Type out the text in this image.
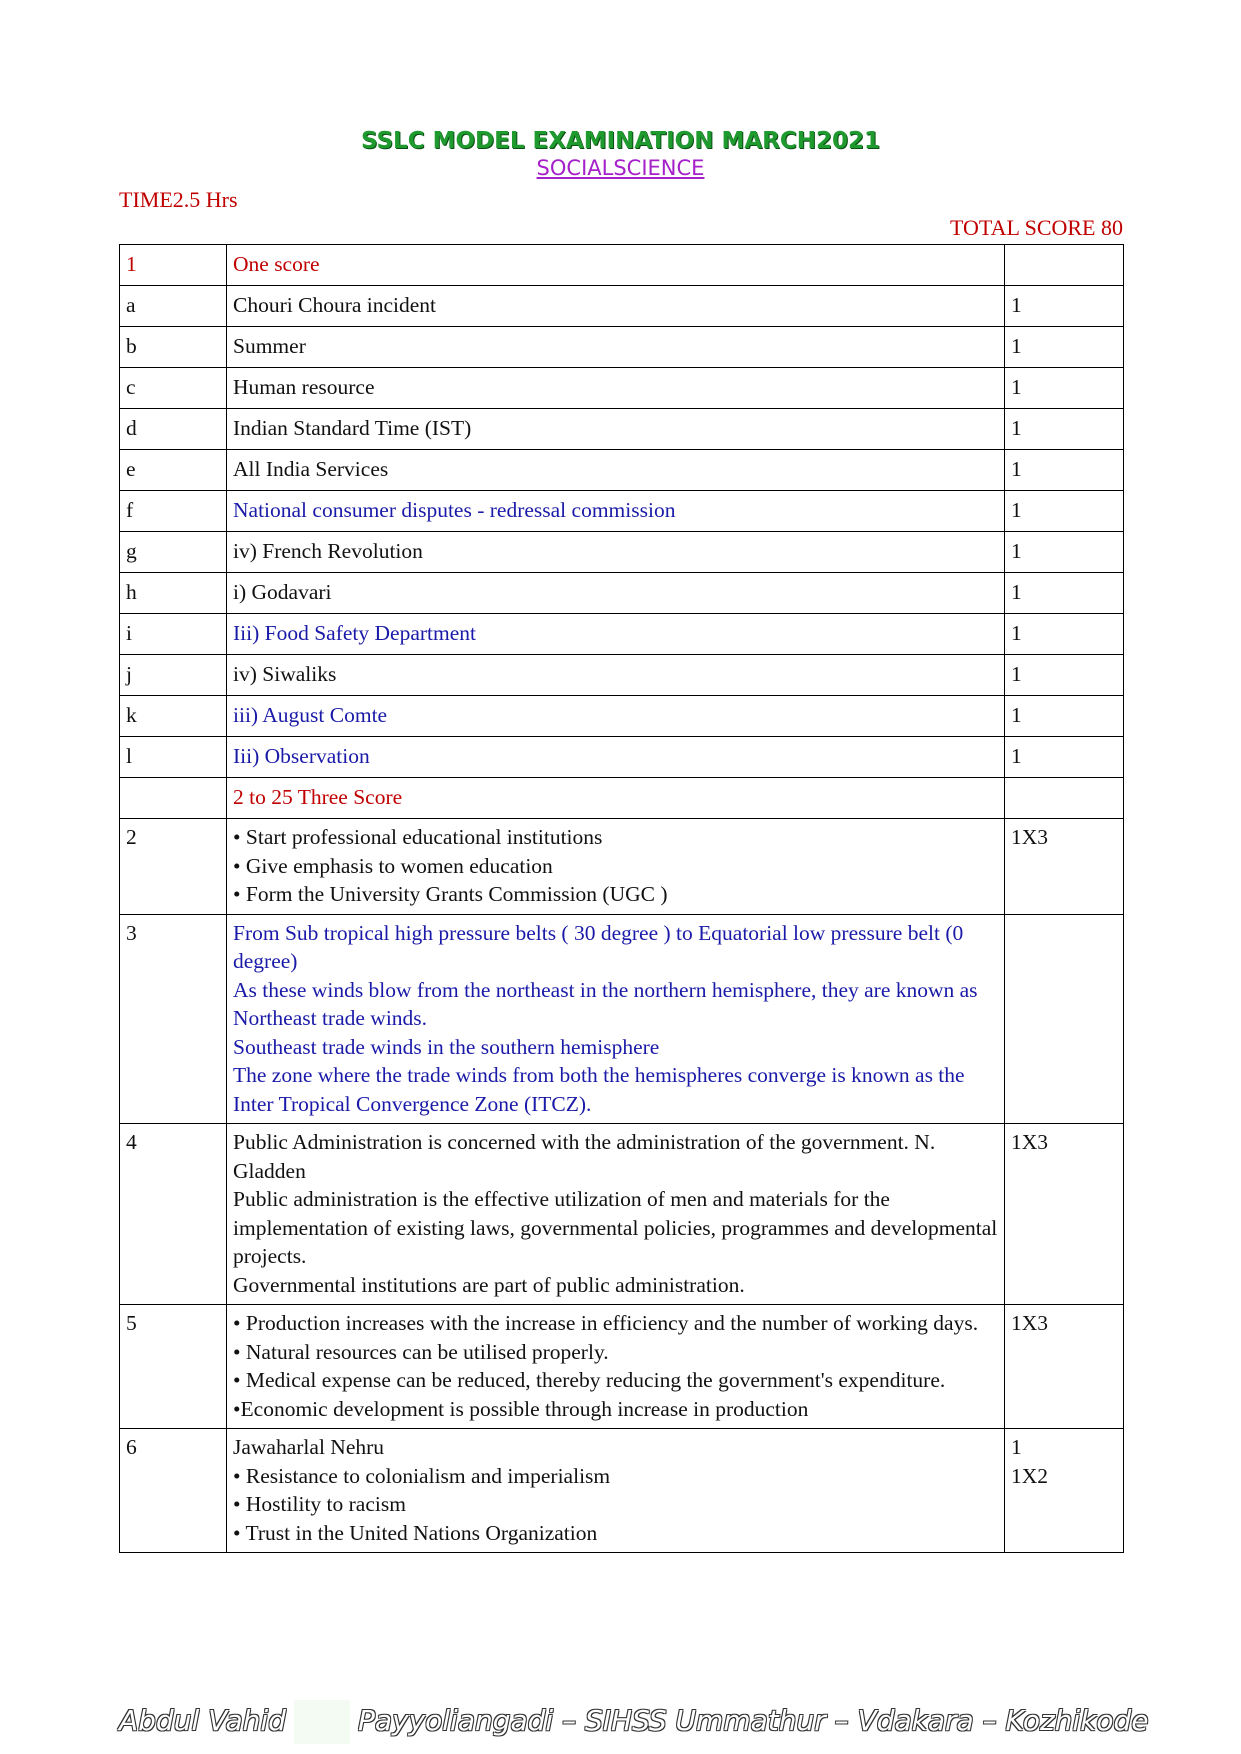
SSLC MODEL EXAMINATION MARCH2021
SOCIALSCIENCE
TIME2.5 Hrs
TOTAL SCORE 80
1	One score	

a	Chouri Choura incident	1

b	Summer	1

c	Human resource	1

d	Indian Standard Time (IST)	1

e	All India Services	1

f	National consumer disputes - redressal commission	1

g	iv) French Revolution	1

h	i) Godavari	1

i	Iii) Food Safety Department	1

j	iv) Siwaliks	1

k	iii) August Comte	1

l	Iii) Observation	1

	2 to 25 Three Score	

2	• Start professional educational institutions
• Give emphasis to women education
• Form the University Grants Commission (UGC )	1X3

3	From Sub tropical high pressure belts ( 30 degree ) to Equatorial low pressure belt (0 degree)
As these winds blow from the northeast in the northern hemisphere, they are known as Northeast trade winds.
Southeast trade winds in the southern hemisphere
The zone where the trade winds from both the hemispheres converge is known as the Inter Tropical Convergence Zone (ITCZ).	

4	Public Administration is concerned with the administration of the government. N. Gladden
Public administration is the effective utilization of men and materials for the implementation of existing laws, governmental policies, programmes and developmental projects.
Governmental institutions are part of public administration.	1X3

5	• Production increases with the increase in efficiency and the number of working days.
• Natural resources can be utilised properly.
• Medical expense can be reduced, thereby reducing the government's expenditure.
•Economic development is possible through increase in production	1X3

6	Jawaharlal Nehru
• Resistance to colonialism and imperialism
• Hostility to racism
• Trust in the United Nations Organization	1
1X2
Abdul Vahid	Payyoliangadi – SIHSS Ummathur – Vdakara – Kozhikode
